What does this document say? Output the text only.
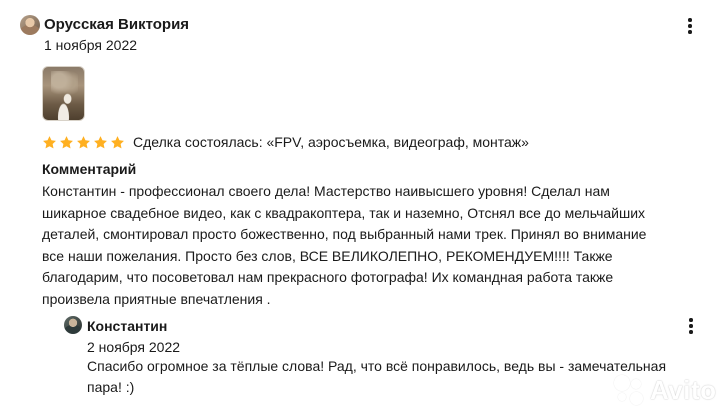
Орусская Виктория
1 ноября 2022
Сделка состоялась: «FPV, аэросъемка, видеограф, монтаж»
Комментарий
Константин - профессионал своего дела! Мастерство наивысшего уровня! Сделал нам
шикарное свадебное видео, как с квадракоптера, так и наземно, Отснял все до мельчайших
деталей, смонтировал просто божественно, под выбранный нами трек. Принял во внимание
все наши пожелания. Просто без слов, ВСЕ ВЕЛИКОЛЕПНО, РЕКОМЕНДУЕМ!!!! Также
благодарим, что посоветовал нам прекрасного фотографа! Их командная работа также
произвела приятные впечатления .
Константин
2 ноября 2022
Спасибо огромное за тёплые слова! Рад, что всё понравилось, ведь вы - замечательная
пара! :)	Avito
